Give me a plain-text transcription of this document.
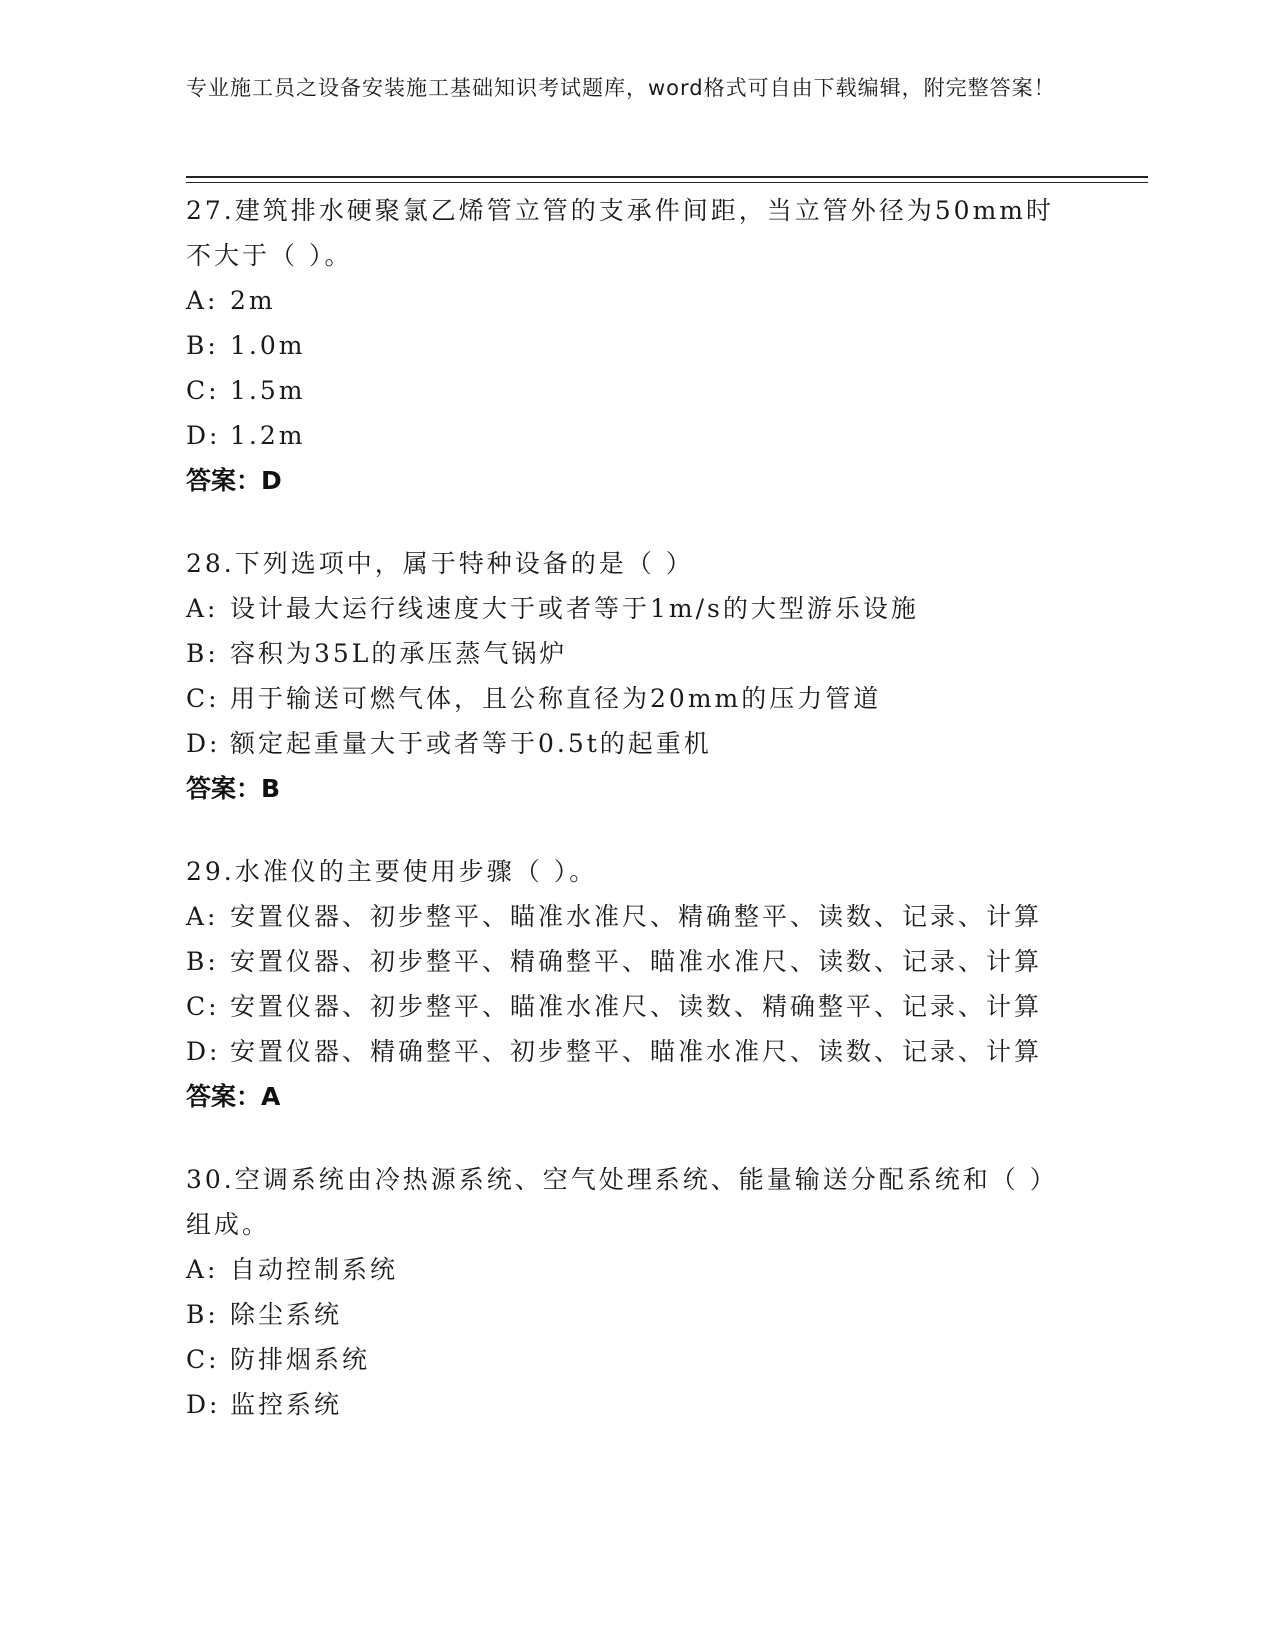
专业施工员之设备安装施工基础知识考试题库，word格式可自由下载编辑，附完整答案！
27.建筑排水硬聚氯乙烯管立管的支承件间距，当立管外径为50mm时不大于（ ）。
A: 2m
B: 1.0m
C: 1.5m
D: 1.2m
答案：D
28.下列选项中，属于特种设备的是（ ）
A: 设计最大运行线速度大于或者等于1m/s的大型游乐设施
B: 容积为35L的承压蒸气锅炉
C: 用于输送可燃气体，且公称直径为20mm的压力管道
D: 额定起重量大于或者等于0.5t的起重机
答案：B
29.水准仪的主要使用步骤（ ）。
A: 安置仪器、初步整平、瞄准水准尺、精确整平、读数、记录、计算
B: 安置仪器、初步整平、精确整平、瞄准水准尺、读数、记录、计算
C: 安置仪器、初步整平、瞄准水准尺、读数、精确整平、记录、计算
D: 安置仪器、精确整平、初步整平、瞄准水准尺、读数、记录、计算
答案：A
30.空调系统由冷热源系统、空气处理系统、能量输送分配系统和（ ）组成。
A: 自动控制系统
B: 除尘系统
C: 防排烟系统
D: 监控系统
